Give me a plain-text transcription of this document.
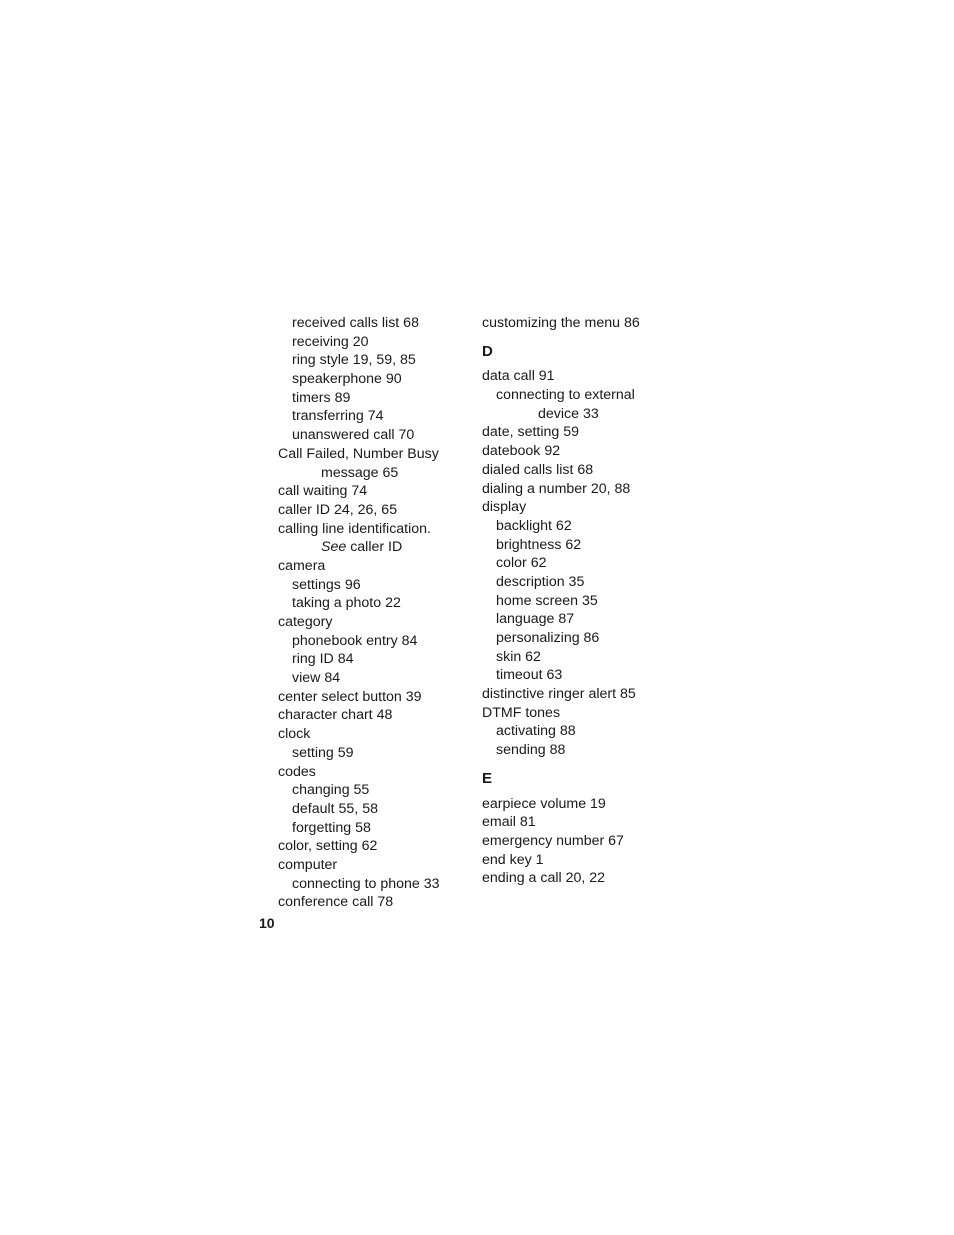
received calls list 68
receiving 20
ring style 19, 59, 85
speakerphone 90
timers 89
transferring 74
unanswered call 70
Call Failed, Number Busy
message 65
call waiting 74
caller ID 24, 26, 65
calling line identification.
See caller ID
camera
settings 96
taking a photo 22
category
phonebook entry 84
ring ID 84
view 84
center select button 39
character chart 48
clock
setting 59
codes
changing 55
default 55, 58
forgetting 58
color, setting 62
computer
connecting to phone 33
conference call 78
customizing the menu 86
D
data call 91
connecting to external
device 33
date, setting 59
datebook 92
dialed calls list 68
dialing a number 20, 88
display
backlight 62
brightness 62
color 62
description 35
home screen 35
language 87
personalizing 86
skin 62
timeout 63
distinctive ringer alert 85
DTMF tones
activating 88
sending 88
E
earpiece volume 19
email 81
emergency number 67
end key 1
ending a call 20, 22
10
